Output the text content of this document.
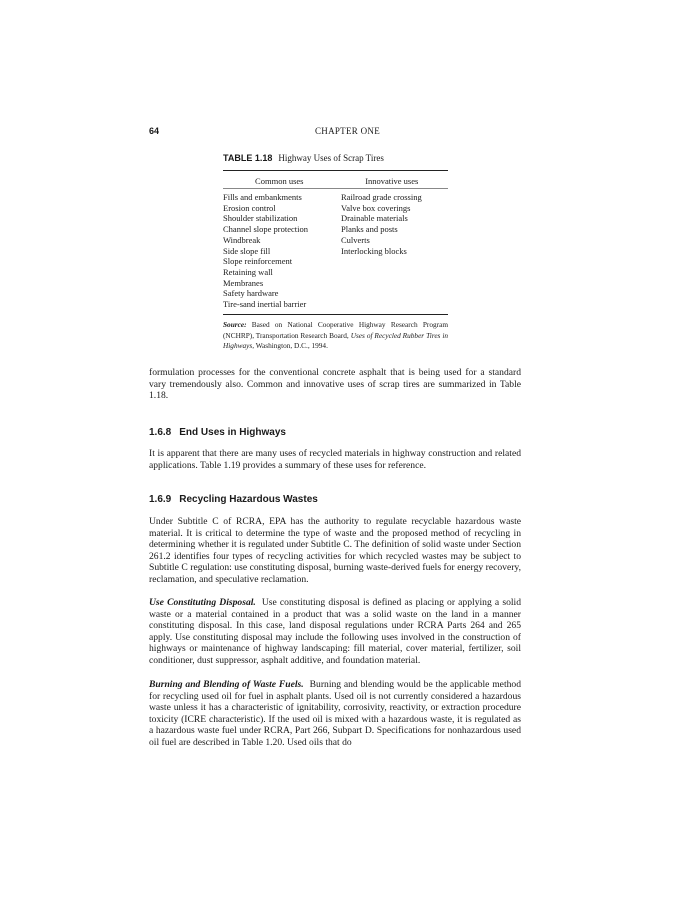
64	CHAPTER ONE
TABLE 1.18 Highway Uses of Scrap Tires
Common uses	Innovative uses
Fills and embankments
Erosion control
Shoulder stabilization
Channel slope protection
Windbreak
Side slope fill
Slope reinforcement
Retaining wall
Membranes
Safety hardware
Tire-sand inertial barrier
Railroad grade crossing
Valve box coverings
Drainable materials
Planks and posts
Culverts
Interlocking blocks
Source: Based on National Cooperative Highway Research Program (NCHRP), Transportation Research Board, Uses of Recycled Rubber Tires in Highways, Washington, D.C., 1994.
formulation processes for the conventional concrete asphalt that is being used for a standard vary tremendously also. Common and innovative uses of scrap tires are summarized in Table 1.18.
1.6.8 End Uses in Highways
It is apparent that there are many uses of recycled materials in highway construction and related applications. Table 1.19 provides a summary of these uses for reference.
1.6.9 Recycling Hazardous Wastes
Under Subtitle C of RCRA, EPA has the authority to regulate recyclable hazardous waste material. It is critical to determine the type of waste and the proposed method of recycling in determining whether it is regulated under Subtitle C. The definition of solid waste under Section 261.2 identifies four types of recycling activities for which recycled wastes may be subject to Subtitle C regulation: use constituting disposal, burning waste-derived fuels for energy recovery, reclamation, and speculative reclamation.
Use Constituting Disposal. Use constituting disposal is defined as placing or applying a solid waste or a material contained in a product that was a solid waste on the land in a manner constituting disposal. In this case, land disposal regulations under RCRA Parts 264 and 265 apply. Use constituting disposal may include the following uses involved in the construction of highways or maintenance of highway landscaping: fill material, cover material, fertilizer, soil conditioner, dust suppressor, asphalt additive, and foundation material.
Burning and Blending of Waste Fuels. Burning and blending would be the applicable method for recycling used oil for fuel in asphalt plants. Used oil is not currently considered a hazardous waste unless it has a characteristic of ignitability, corrosivity, reactivity, or extraction procedure toxicity (ICRE characteristic). If the used oil is mixed with a hazardous waste, it is regulated as a hazardous waste fuel under RCRA, Part 266, Subpart D. Specifications for nonhazardous used oil fuel are described in Table 1.20. Used oils that do
